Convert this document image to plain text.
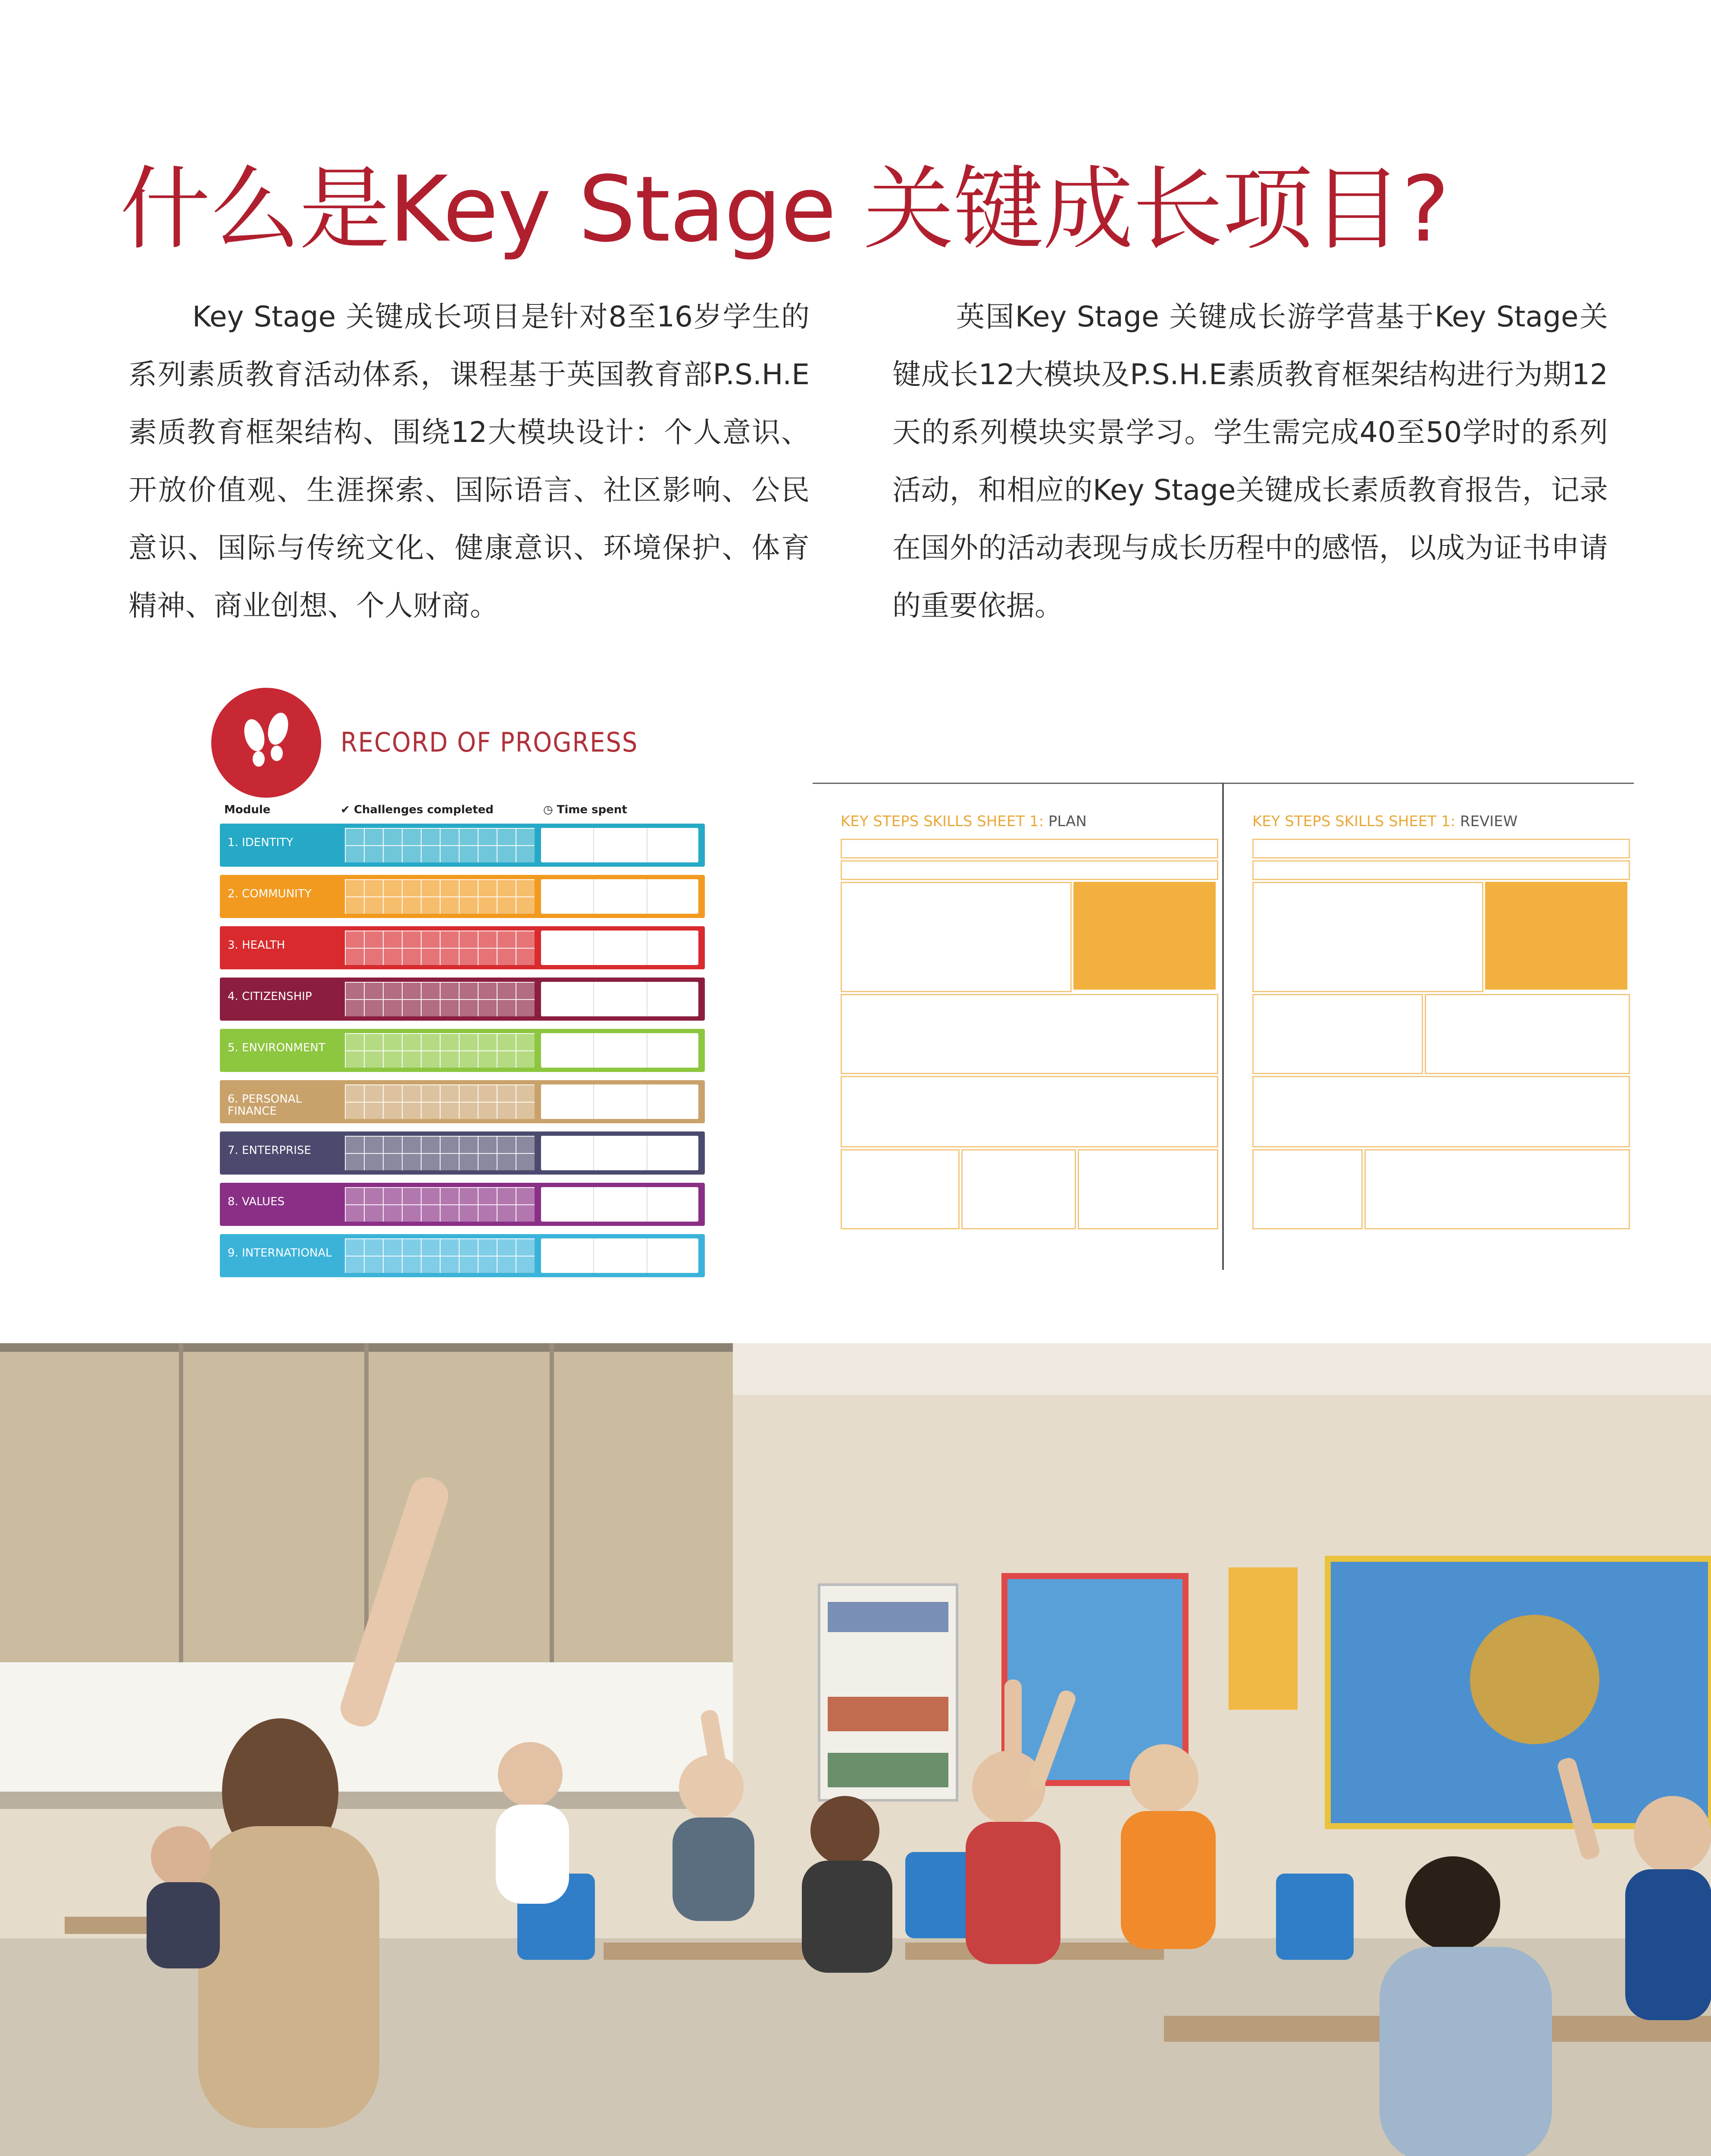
什么是Key Stage 关键成长项目?

Key Stage 关键成长项目是针对8至16岁学生的系列素质教育活动体系，课程基于英国教育部P.S.H.E素质教育框架结构、围绕12大模块设计：个人意识、开放价值观、生涯探索、国际语言、社区影响、公民意识、国际与传统文化、健康意识、环境保护、体育精神、商业创想、个人财商。

英国Key Stage 关键成长游学营基于Key Stage关键成长12大模块及P.S.H.E素质教育框架结构进行为期12天的系列模块实景学习。学生需完成40至50学时的系列活动，和相应的Key Stage关键成长素质教育报告，记录在国外的活动表现与成长历程中的感悟，以成为证书申请的重要依据。

RECORD OF PROGRESS
Module	✔ Challenges completed	◷ Time spent
1. IDENTITY
2. COMMUNITY
3. HEALTH
4. CITIZENSHIP
5. ENVIRONMENT
6. PERSONAL FINANCE
7. ENTERPRISE
8. VALUES
9. INTERNATIONAL
KEY STEPS SKILLS SHEET 1: PLAN	KEY STEPS SKILLS SHEET 1: REVIEW
